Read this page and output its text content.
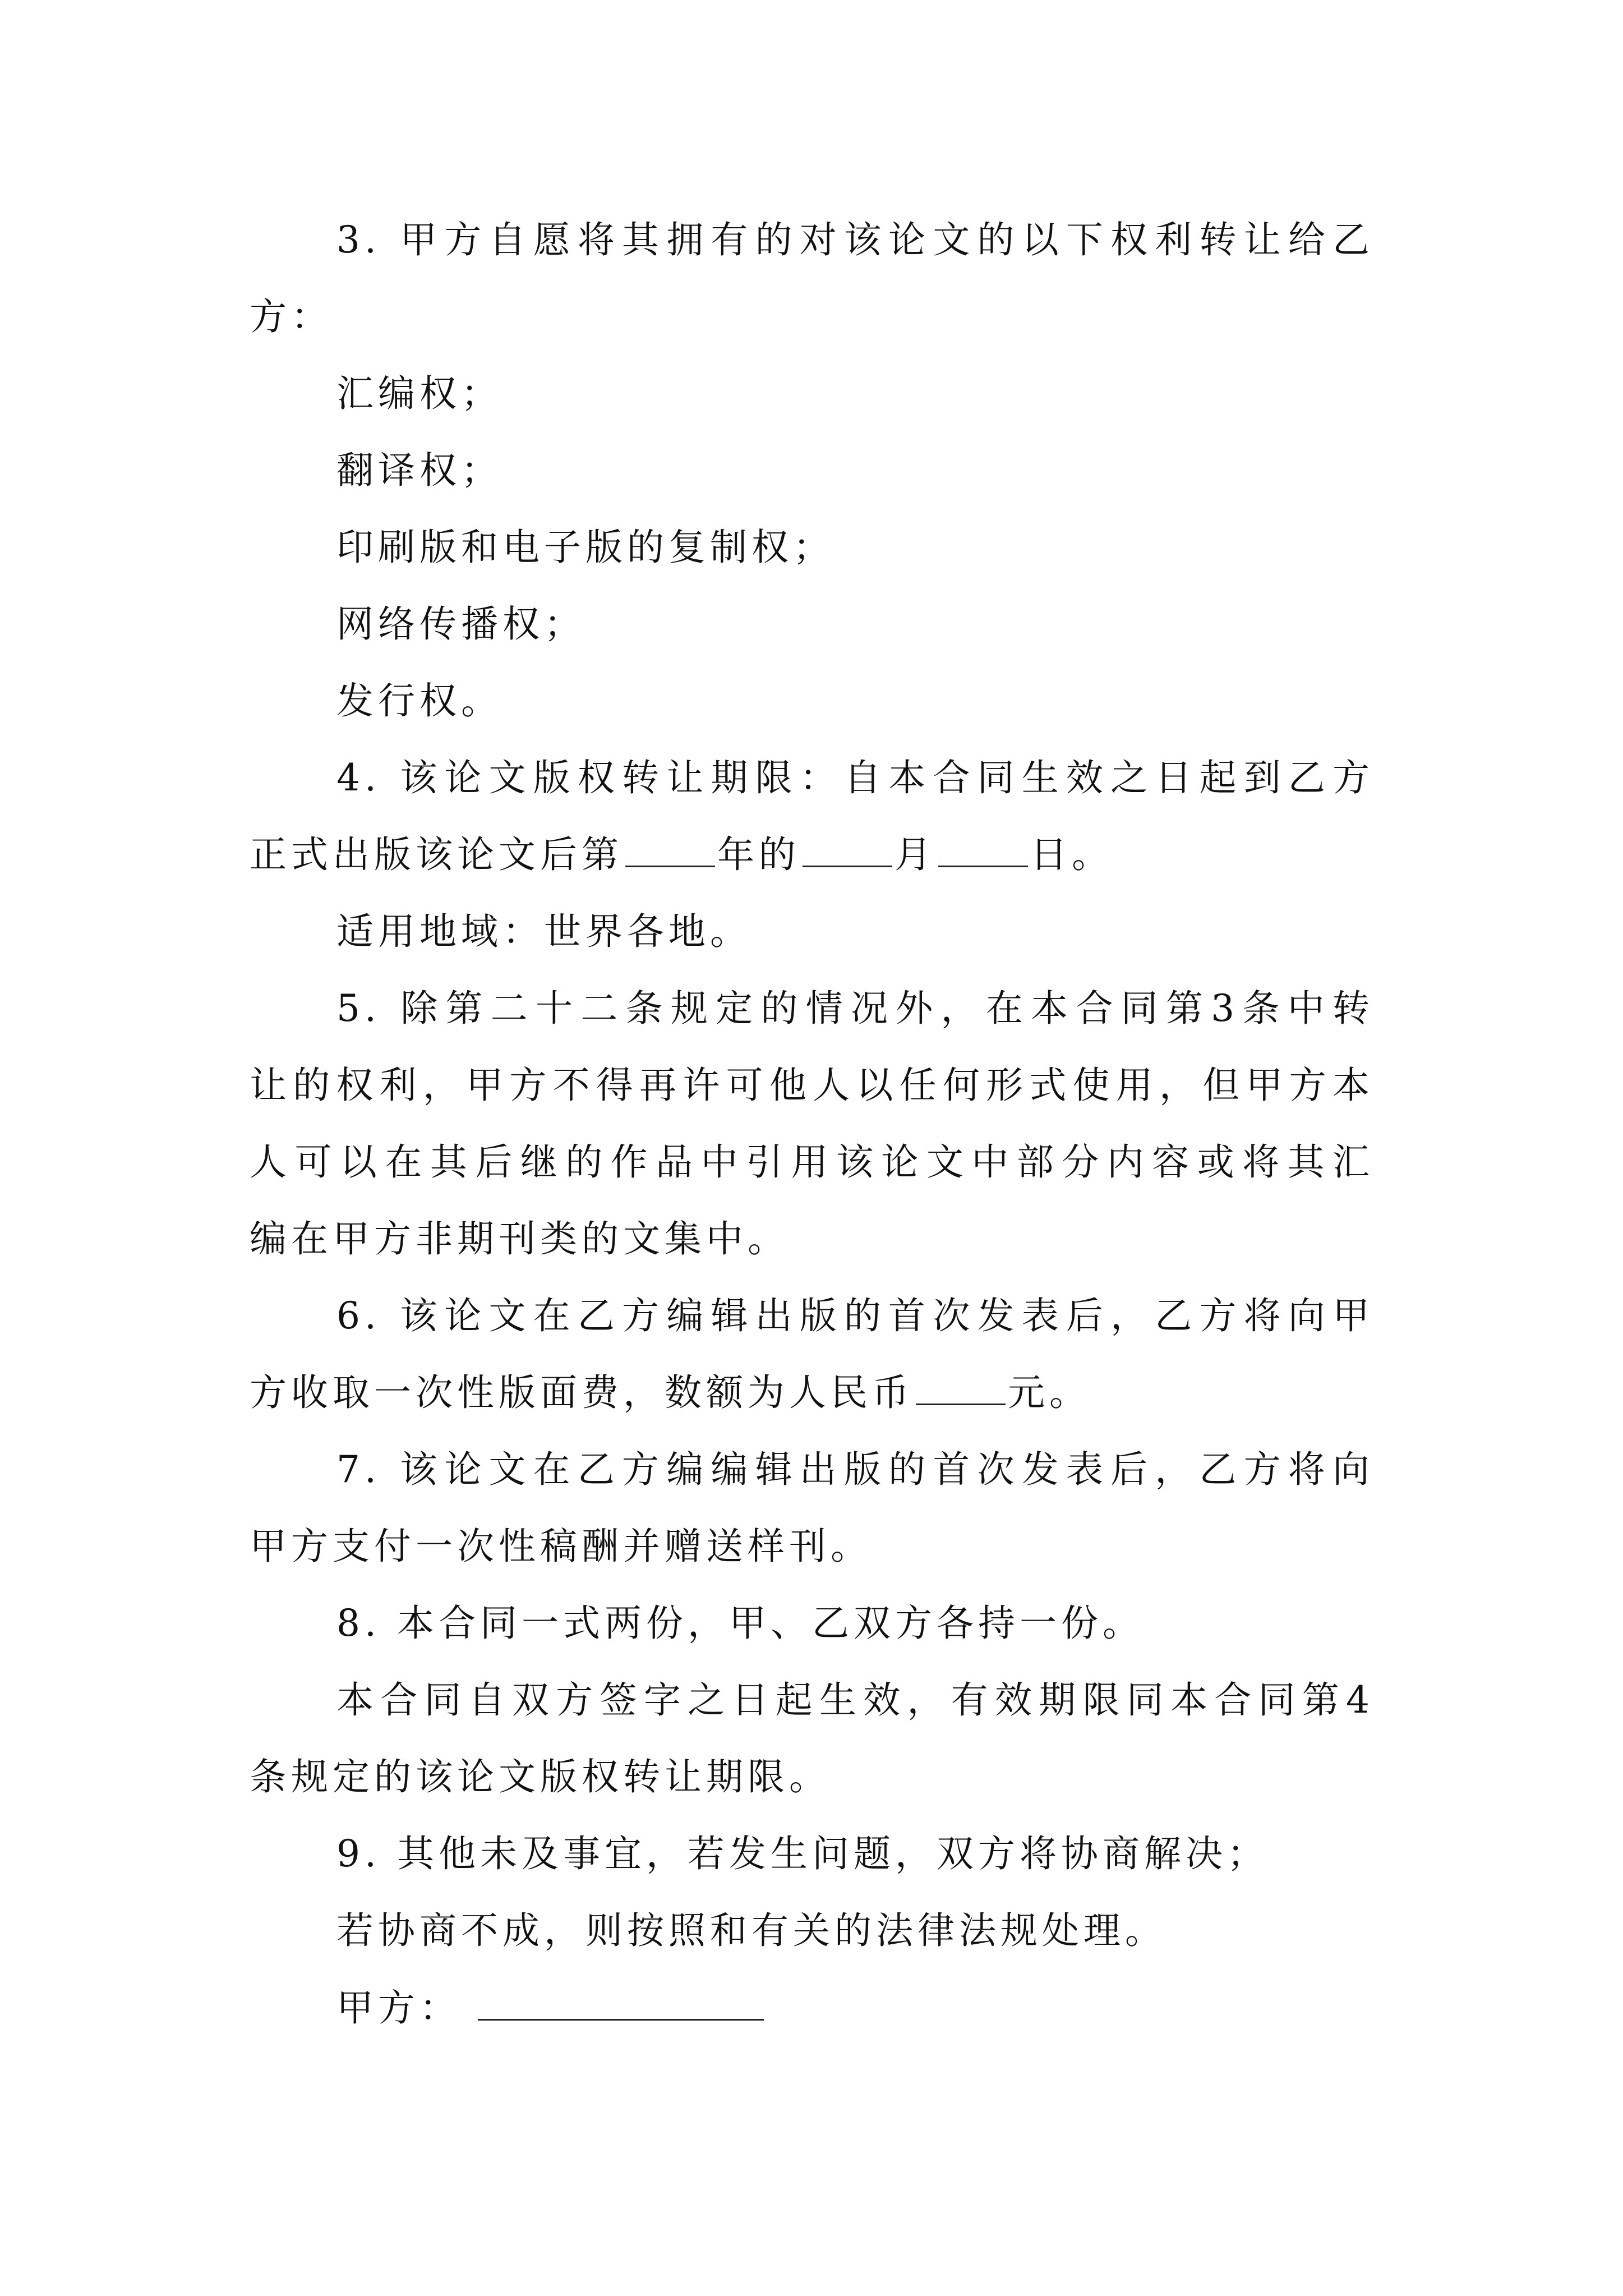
3. 甲方自愿将其拥有的对该论文的以下权利转让给乙
方：
汇编权；
翻译权；
印刷版和电子版的复制权；
网络传播权；
发行权。
4. 该论文版权转让期限：自本合同生效之日起到乙方
正式出版该论文后第	年的	月	日。
适用地域：世界各地。
5. 除第二十二条规定的情况外，在本合同第3条中转
让的权利，甲方不得再许可他人以任何形式使用，但甲方本
人可以在其后继的作品中引用该论文中部分内容或将其汇
编在甲方非期刊类的文集中。
6. 该论文在乙方编辑出版的首次发表后，乙方将向甲
方收取一次性版面费，数额为人民币	元。
7. 该论文在乙方编编辑出版的首次发表后，乙方将向
甲方支付一次性稿酬并赠送样刊。
8. 本合同一式两份，甲、乙双方各持一份。
本合同自双方签字之日起生效，有效期限同本合同第4
条规定的该论文版权转让期限。
9. 其他未及事宜，若发生问题，双方将协商解决；
若协商不成，则按照和有关的法律法规处理。
甲方：
